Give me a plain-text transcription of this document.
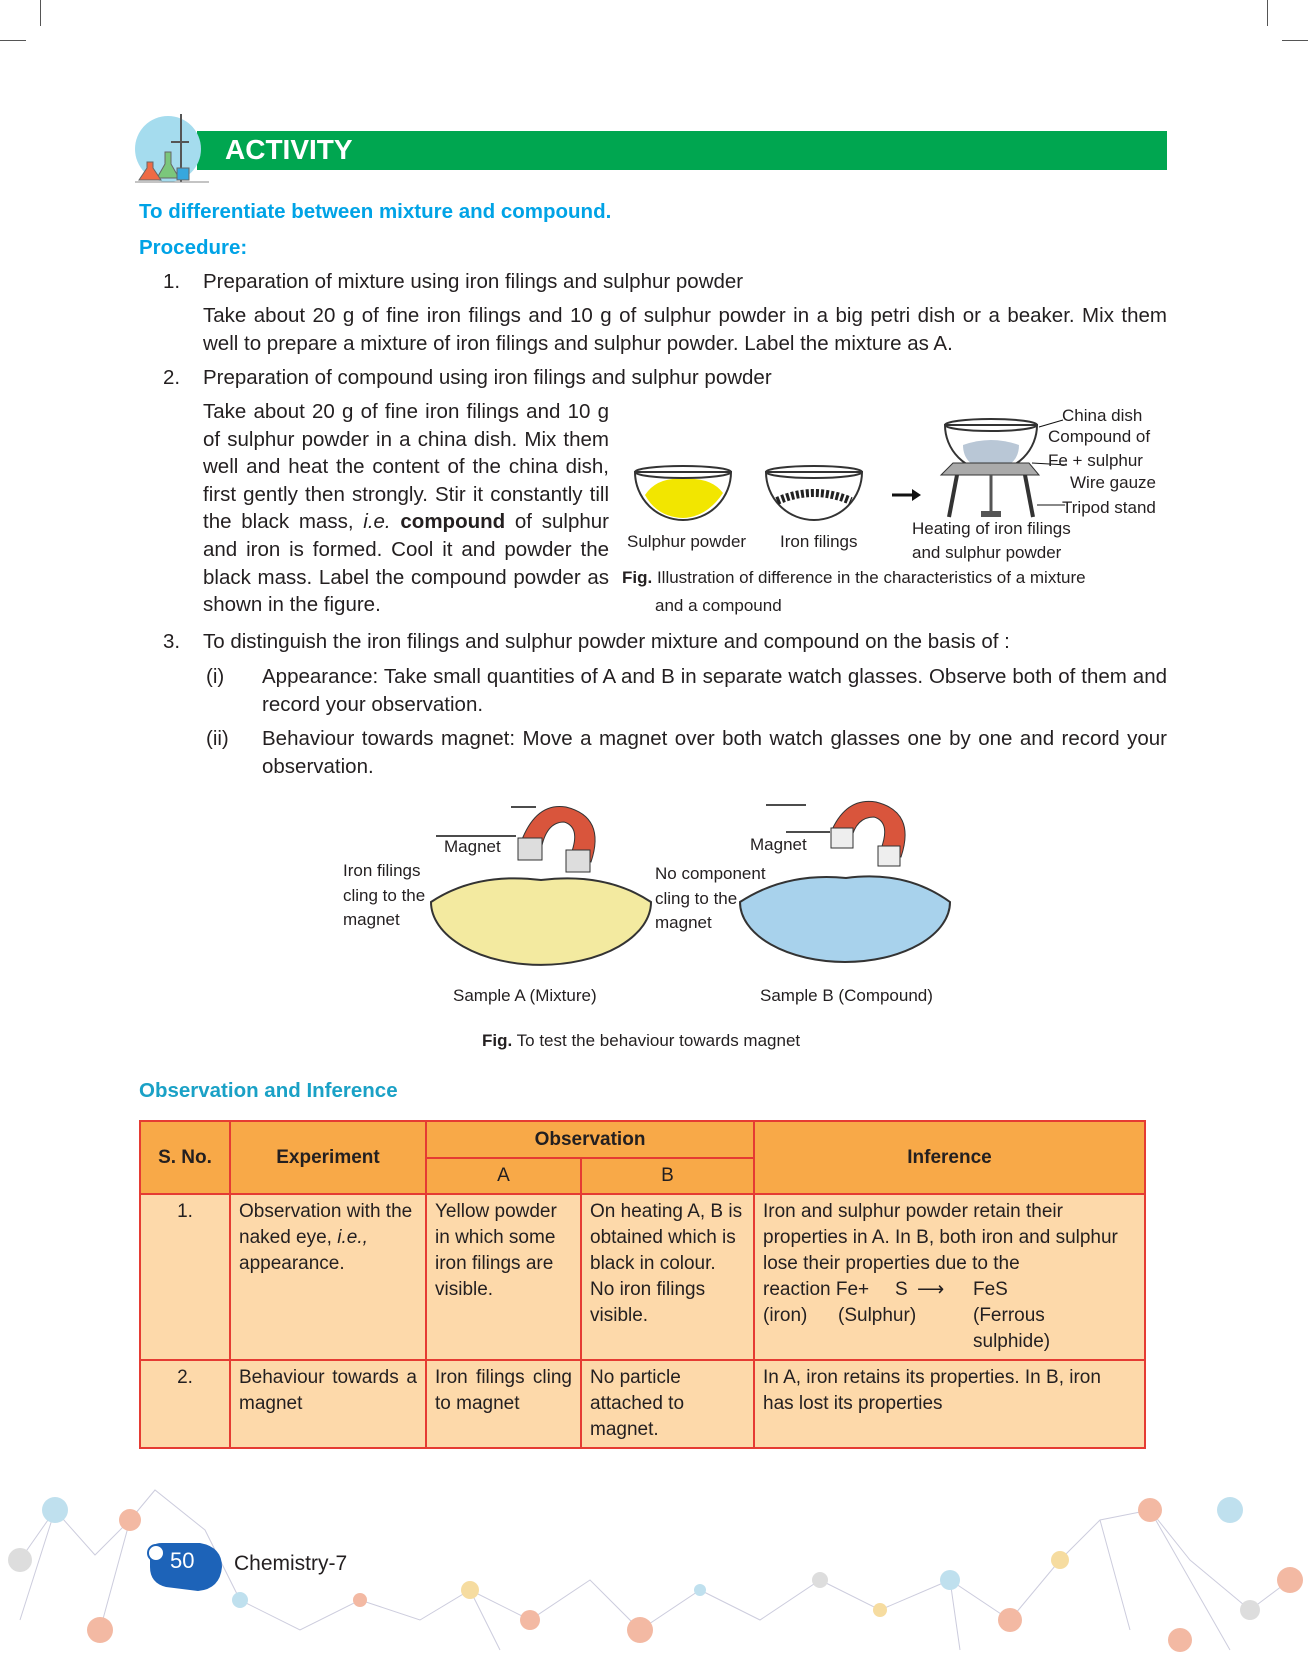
ACTIVITY
To differentiate between mixture and compound.
Procedure:
1. Preparation of mixture using iron filings and sulphur powder
Take about 20 g of fine iron filings and 10 g of sulphur powder in a big petri dish or a beaker. Mix them well to prepare a mixture of iron filings and sulphur powder. Label the mixture as A.
2. Preparation of compound using iron filings and sulphur powder
Take about 20 g of fine iron filings and 10 g of sulphur powder in a china dish. Mix them well and heat the content of the china dish, first gently then strongly. Stir it constantly till the black mass, i.e. compound of sulphur and iron is formed. Cool it and powder the black mass. Label the compound powder as shown in the figure.
China dish
Compound of
Fe + sulphur
Wire gauze
Tripod stand
Sulphur powder Iron filings
Heating of iron filings
and sulphur powder
Fig. Illustration of difference in the characteristics of a mixture
and a compound
3. To distinguish the iron filings and sulphur powder mixture and compound on the basis of :
(i) Appearance: Take small quantities of A and B in separate watch glasses. Observe both of them and record your observation.
(ii) Behaviour towards magnet: Move a magnet over both watch glasses one by one and record your observation.
Magnet
Iron filings
cling to the
magnet
Magnet
No component
cling to the
magnet
Sample A (Mixture)	Sample B (Compound)
Fig. To test the behaviour towards magnet
Observation and Inference
S. No.	Experiment	Observation		Inference
		A	B	
1.	Observation with the naked eye, i.e., appearance.	Yellow powder in which some iron filings are visible.	On heating A, B is obtained which is black in colour. No iron filings visible.	Iron and sulphur powder retain their properties in A. In B, both iron and sulphur lose their properties due to the
reaction Fe+ S ⟶ FeS
(iron) (Sulphur) (Ferrous
sulphide)
2.	Behaviour towards a magnet	Iron filings cling to magnet	No particle attached to magnet.	In A, iron retains its properties. In B, iron has lost its properties
50 Chemistry-7
